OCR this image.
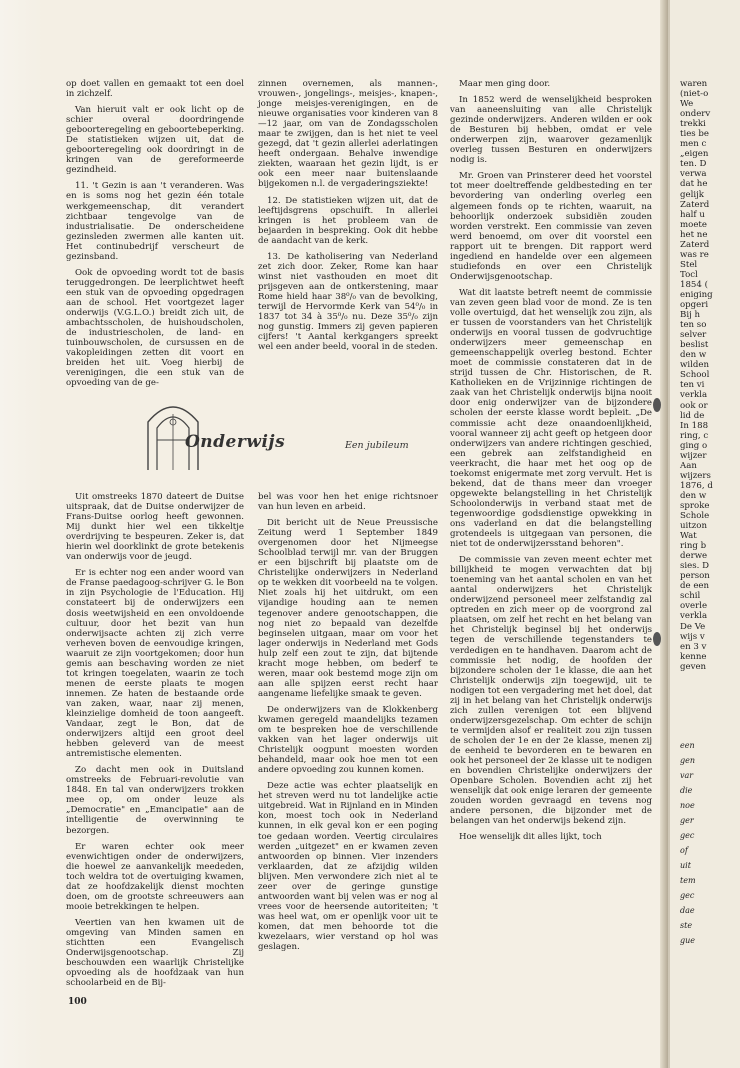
op doet vallen en gemaakt tot een doel in zichzelf.

Van hieruit valt er ook licht op de schier overal doordringende geboorteregeling en geboortebeperking. De statistieken wijzen uit, dat de geboorteregeling ook doordringt in de kringen van de gereformeerde gezindheid.

11. 't Gezin is aan 't veranderen. Was en is soms nog het gezin één totale werkgemeenschap, dit verandert zichtbaar tengevolge van de industrialisatie. De onderscheidene gezinsleden zwermen alle kanten uit. Het continubedrijf verscheurt de gezinsband.

Ook de opvoeding wordt tot de basis teruggedrongen. De leerplichtwet heeft een stuk van de opvoeding opgedragen aan de school. Het voortgezet lager onderwijs (V.G.L.O.) breidt zich uit, de ambachtsscholen, de huishoudscholen, de industriescholen, de land- en tuinbouwscholen, de cursussen en de vakopleidingen zetten dit voort en breiden het uit. Voeg hierbij de verenigingen, die een stuk van de opvoeding van de ge-

zinnen overnemen, als mannen-, vrouwen-, jongelings-, meisjes-, knapen-, jonge meisjes-verenigingen, en de nieuwe organisaties voor kinderen van 8—12 jaar, om van de Zondagsscholen maar te zwijgen, dan is het niet te veel gezegd, dat 't gezin allerlei aderlatingen heeft ondergaan. Behalve inwendige ziekten, waaraan het gezin lijdt, is er ook een meer naar buitenslaande bijgekomen n.l. de vergaderingsziekte!

12. De statistieken wijzen uit, dat de leeftijdsgrens opschuift. In allerlei kringen is het probleem van de bejaarden in bespreking. Ook dit hebbe de aandacht van de kerk.

13. De katholisering van Nederland zet zich door. Zeker, Rome kan haar winst niet vasthouden en moet dit prijsgeven aan de ontkerstening, maar Rome hield haar 38⁰/₀ van de bevolking, terwijl de Hervormde Kerk van 54⁰/₀ in 1837 tot 34 à 35⁰/₀ nu. Deze 35⁰/₀ zijn nog gunstig. Immers zij geven papieren cijfers! 't Aantal kerkgangers spreekt wel een ander beeld, vooral in de steden.

Maar men ging door.

In 1852 werd de wenselijkheid besproken van aaneensluiting van alle Christelijk gezinde onderwijzers. Anderen wilden er ook de Besturen bij hebben, omdat er vele onderwerpen zijn, waarover gezamenlijk overleg tussen Besturen en onderwijzers nodig is.

Mr. Groen van Prinsterer deed het voorstel tot meer doeltreffende geldbesteding en ter bevordering van onderling overleg een algemeen fonds op te richten, waaruit, na behoorlijk onderzoek subsidiën zouden worden verstrekt. Een commissie van zeven werd benoemd, om over dit voorstel een rapport uit te brengen. Dit rapport werd ingediend en handelde over een algemeen studiefonds en over een Christelijk Onderwijsgenootschap.

Wat dit laatste betreft neemt de commissie van zeven geen blad voor de mond. Ze is ten volle overtuigd, dat het wenselijk zou zijn, als er tussen de voorstanders van het Christelijk onderwijs en vooral tussen de godvruchtige onderwijzers meer gemeenschap en gemeenschappelijk overleg bestond. Echter moet de commissie constateren dat in de strijd tussen de Chr. Historischen, de R. Katholieken en de Vrijzinnige richtingen de zaak van het Christelijk onderwijs bijna nooit door enig onderwijzer van de bijzondere scholen der eerste klasse wordt bepleit. „De commissie acht deze onaandoenlijkheid, vooral wanneer zij acht geeft op hetgeen door onderwijzers van andere richtingen geschied, een gebrek aan zelfstandigheid en veerkracht, die haar met het oog op de toekomst enigermate met zorg vervult. Het is bekend, dat de thans meer dan vroeger opgewekte belangstelling in het Christelijk Schoolonderwijs in verband staat met de tegenwoordige godsdienstige opwekking in ons vaderland en dat die belangstelling grotendeels is uitgegaan van personen, die niet tot de onderwijzersstand behoren".

De commissie van zeven meent echter met billijkheid te mogen verwachten dat bij toeneming van het aantal scholen en van het aantal onderwijzers het Christelijk onderwijzend personeel meer zelfstandig zal optreden en zich meer op de voorgrond zal plaatsen, om zelf het recht en het belang van het Christelijk beginsel bij het onderwijs tegen de verschillende tegenstanders te verdedigen en te handhaven. Daarom acht de commissie het nodig, de hoofden der bijzondere scholen der 1e klasse, die aan het Christelijk onderwijs zijn toegewijd, uit te nodigen tot een vergadering met het doel, dat zij in het belang van het Christelijk onderwijs zich zullen verenigen tot een blijvend onderwijzersgezelschap. Om echter de schijn te vermijden alsof er realiteit zou zijn tussen de scholen der 1e en der 2e klasse, menen zij de eenheid te bevorderen en te bewaren en ook het personeel der 2e klasse uit te nodigen en bovendien Christelijke onderwijzers der Openbare Scholen. Bovendien acht zij het wenselijk dat ook enige leraren der gemeente zouden worden gevraagd en tevens nog andere personen, die bijzonder met de belangen van het onderwijs bekend zijn.

Hoe wenselijk dit alles lijkt, toch

Onderwijs	Een jubileum

Uit omstreeks 1870 dateert de Duitse uitspraak, dat de Duitse onderwijzer de Frans-Duitse oorlog heeft gewonnen. Mij dunkt hier wel een tikkeltje overdrijving te bespeuren. Zeker is, dat hierin wel doorklinkt de grote betekenis van onderwijs voor de jeugd.

Er is echter nog een ander woord van de Franse paedagoog-schrijver G. le Bon in zijn Psychologie de l'Education. Hij constateert bij de onderwijzers een dosis weetwijsheid en een onvoldoende cultuur, door het bezit van hun onderwijsacte achten zij zich verre verheven boven de eenvoudige kringen, waaruit ze zijn voortgekomen; door hun gemis aan beschaving worden ze niet tot kringen toegelaten, waarin ze toch menen de eerste plaats te mogen innemen. Ze haten de bestaande orde van zaken, waar, naar zij menen, kleinzielige domheid de toon aangeeft. Vandaar, zegt le Bon, dat de onderwijzers altijd een groot deel hebben geleverd van de meest antremistische elementen.

Zo dacht men ook in Duitsland omstreeks de Februari-revolutie van 1848. En tal van onderwijzers trokken mee op, om onder leuze als „Democratie" en „Emancipatie" aan de intelligentie de overwinning te bezorgen.

Er waren echter ook meer evenwichtigen onder de onderwijzers, die hoewel ze aanvankelijk meededen, toch weldra tot de overtuiging kwamen, dat ze hoofdzakelijk dienst mochten doen, om de grootste schreeuwers aan mooie betrekkingen te helpen.

Veertien van hen kwamen uit de omgeving van Minden samen en stichtten een Evangelisch Onderwijsgenootschap. Zij beschouwden een waarlijk Christelijke opvoeding als de hoofdzaak van hun schoolarbeid en de Bij-

bel was voor hen het enige richtsnoer van hun leven en arbeid.

Dit bericht uit de Neue Preussische Zeitung werd 1 September 1849 overgenomen door het Nijmeegse Schoolblad terwijl mr. van der Bruggen er een bijschrift bij plaatste om de Christelijke onderwijzers in Nederland op te wekken dit voorbeeld na te volgen. Niet zoals hij het uitdrukt, om een vijandige houding aan te nemen tegenover andere genootschappen, die nog niet zo bepaald van dezelfde beginselen uitgaan, maar om voor het lager onderwijs in Nederland met Gods hulp zelf een zout te zijn, dat bijtende kracht moge hebben, om bederf te weren, maar ook bestemd moge zijn om aan alle spijzen eerst recht haar aangename liefelijke smaak te geven.

De onderwijzers van de Klokkenberg kwamen geregeld maandelijks tezamen om te bespreken hoe de verschillende vakken van het lager onderwijs uit Christelijk oogpunt moesten worden behandeld, maar ook hoe men tot een andere opvoeding zou kunnen komen.

Deze actie was echter plaatselijk en het streven werd nu tot landelijke actie uitgebreid. Wat in Rijnland en in Minden kon, moest toch ook in Nederland kunnen, in elk geval kon er een poging toe gedaan worden. Veertig circulaires werden „uitgezet" en er kwamen zeven antwoorden op binnen. Vier inzenders verklaarden, dat ze afzijdig wilden blijven. Men verwondere zich niet al te zeer over de geringe gunstige antwoorden want bij velen was er nog al vrees voor de heersende autoriteiten; 't was heel wat, om er openlijk voor uit te komen, dat men behoorde tot die kwezelaars, wier verstand op hol was geslagen.

100
waren
(niet-o
We
onderv
trekki
ties be
men c
„eigen
ten. D
verwa
dat he
gelijk
Zaterd
half u
moete
het ne
Zaterd
was re
Stel
Tocl
1854 (
eniging
opgeri
Bij h
ten so
selver
beslist
den w
wilden
School
ten vi
verkla
ook or
lid de
In 188
ring, c
ging o
wijzer
Aan
wijzers
1876, d
den w
sproke
Schole
uitzon
Wat
ring b
derwe
sies. D
person
de een
schil
overle
verkla
De Ve
wijs v
en 3 v
kenne
geven
een
gen
var
die
noe
ger
gec
of
uit
tem
gec
dae
ste
gue
